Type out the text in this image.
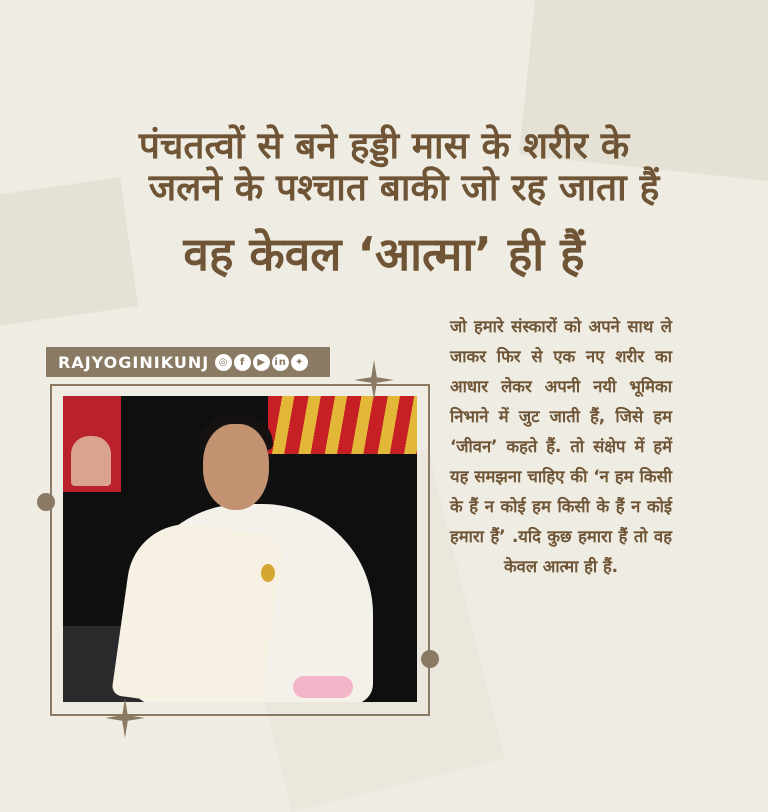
पंचतत्वों से बने हड्डी मास के शरीर के
जलने के पश्चात बाकी जो रह जाता हैं
वह केवल ‘आत्मा’ ही हैं
RAJYOGINIKUNJ ◎	f	▶ in ✦

जो हमारे संस्कारों को अपने साथ ले जाकर फिर से एक नए शरीर का आधार लेकर अपनी नयी भूमिका निभाने में जुट जाती हैं, जिसे हम ‘जीवन’ कहते हैं. तो संक्षेप में हमें यह समझना चाहिए की ‘न हम किसी के हैं न कोई हम किसी के हैं न कोई हमारा हैं’ .यदि कुछ हमारा हैं तो वह केवल आत्मा ही हैं.
